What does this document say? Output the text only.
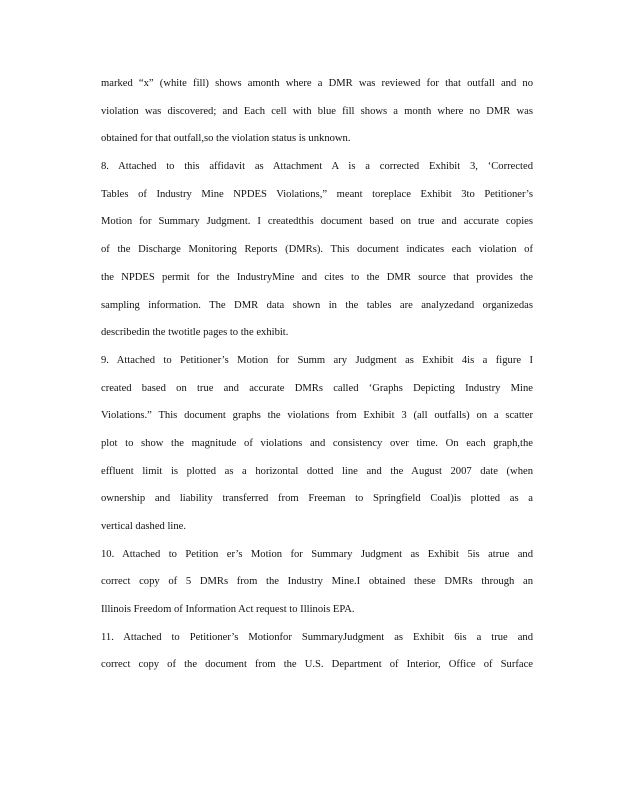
marked “x” (white fill) shows amonth where a DMR was reviewed for that outfall and no
violation was discovered; and Each cell with blue fill shows a month where no DMR was
obtained for that outfall,so the violation status is unknown.
8. Attached to this affidavit as Attachment A is a corrected Exhibit 3, ‘Corrected
Tables of Industry Mine NPDES Violations,” meant toreplace Exhibit 3to Petitioner’s
Motion for Summary Judgment. I createdthis document based on true and accurate copies
of the Discharge Monitoring Reports (DMRs). This document indicates each violation of
the NPDES permit for the IndustryMine and cites to the DMR source that provides the
sampling information. The DMR data shown in the tables are analyzedand organizedas
describedin the twotitle pages to the exhibit.
9. Attached to Petitioner’s Motion for Summ ary Judgment as Exhibit 4is a figure I
created based on true and accurate DMRs called ‘Graphs Depicting Industry Mine
Violations.” This document graphs the violations from Exhibit 3 (all outfalls) on a scatter
plot to show the magnitude of violations and consistency over time. On each graph,the
effluent limit is plotted as a horizontal dotted line and the August 2007 date (when
ownership and liability transferred from Freeman to Springfield Coal)is plotted as a
vertical dashed line.
10. Attached to Petition er’s Motion for Summary Judgment as Exhibit 5is atrue and
correct copy of 5 DMRs from the Industry Mine.I obtained these DMRs through an
Illinois Freedom of Information Act request to Illinois EPA.
11. Attached to Petitioner’s Motionfor SummaryJudgment as Exhibit 6is a true and
correct copy of the document from the U.S. Department of Interior, Office of Surface
